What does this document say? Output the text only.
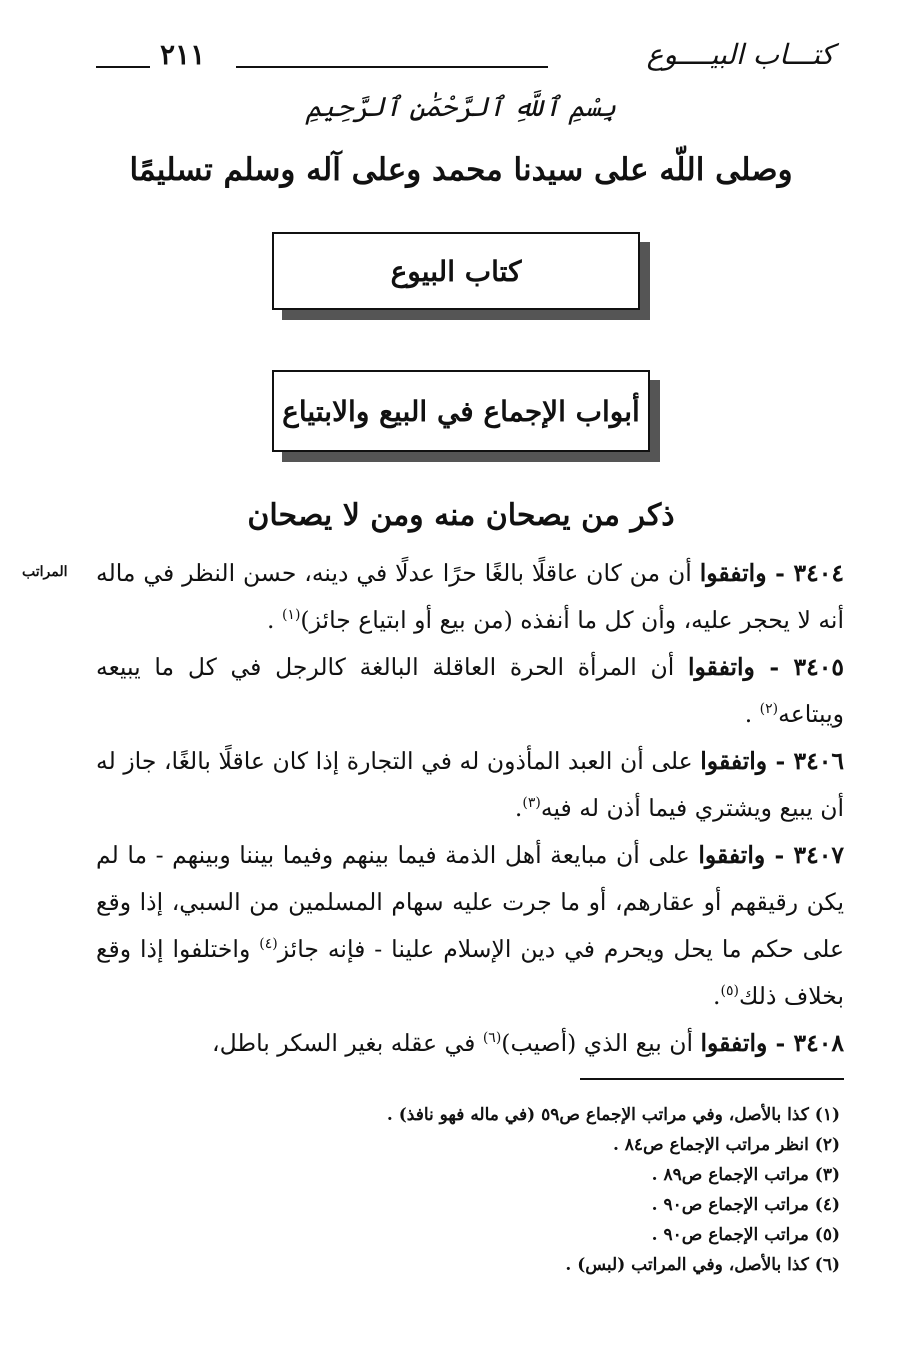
٢١١	كتـــاب البيــــوع
بِسْمِ ٱللَّهِ ٱلرَّحْمَٰنِ ٱلرَّحِيمِ
وصلى اللّه على سيدنا محمد وعلى آله وسلم تسليمًا
كتاب البيوع
أبواب الإجماع في البيع والابتياع
ذكر من يصحان منه ومن لا يصحان
المراتب	٣٤٠٤ - واتفقوا أن من كان عاقلًا بالغًا حرًا عدلًا في دينه، حسن النظر في ماله أنه لا يحجر عليه، وأن كل ما أنفذه (من بيع أو ابتياع جائز)$^{(١)}$ .

٣٤٠٥ - واتفقوا أن المرأة الحرة العاقلة البالغة كالرجل في كل ما يبيعه ويبتاعه$^{(٢)}$ .

٣٤٠٦ - واتفقوا على أن العبد المأذون له في التجارة إذا كان عاقلًا بالغًا، جاز له أن يبيع ويشتري فيما أذن له فيه$^{(٣)}$.

٣٤٠٧ - واتفقوا على أن مبايعة أهل الذمة فيما بينهم وفيما بيننا وبينهم - ما لم يكن رقيقهم أو عقارهم، أو ما جرت عليه سهام المسلمين من السبي، إذا وقع على حكم ما يحل ويحرم في دين الإسلام علينا - فإنه جائز$^{(٤)}$ واختلفوا إذا وقع بخلاف ذلك$^{(٥)}$.

٣٤٠٨ - واتفقوا أن بيع الذي (أصيب)$^{(٦)}$ في عقله بغير السكر باطل،

(١) كذا بالأصل، وفي مراتب الإجماع ص٥٩ (في ماله فهو نافذ) .

(٢) انظر مراتب الإجماع ص٨٤ .

(٣) مراتب الإجماع ص٨٩ .

(٤) مراتب الإجماع ص٩٠ .

(٥) مراتب الإجماع ص٩٠ .

(٦) كذا بالأصل، وفي المراتب (لبس) .
